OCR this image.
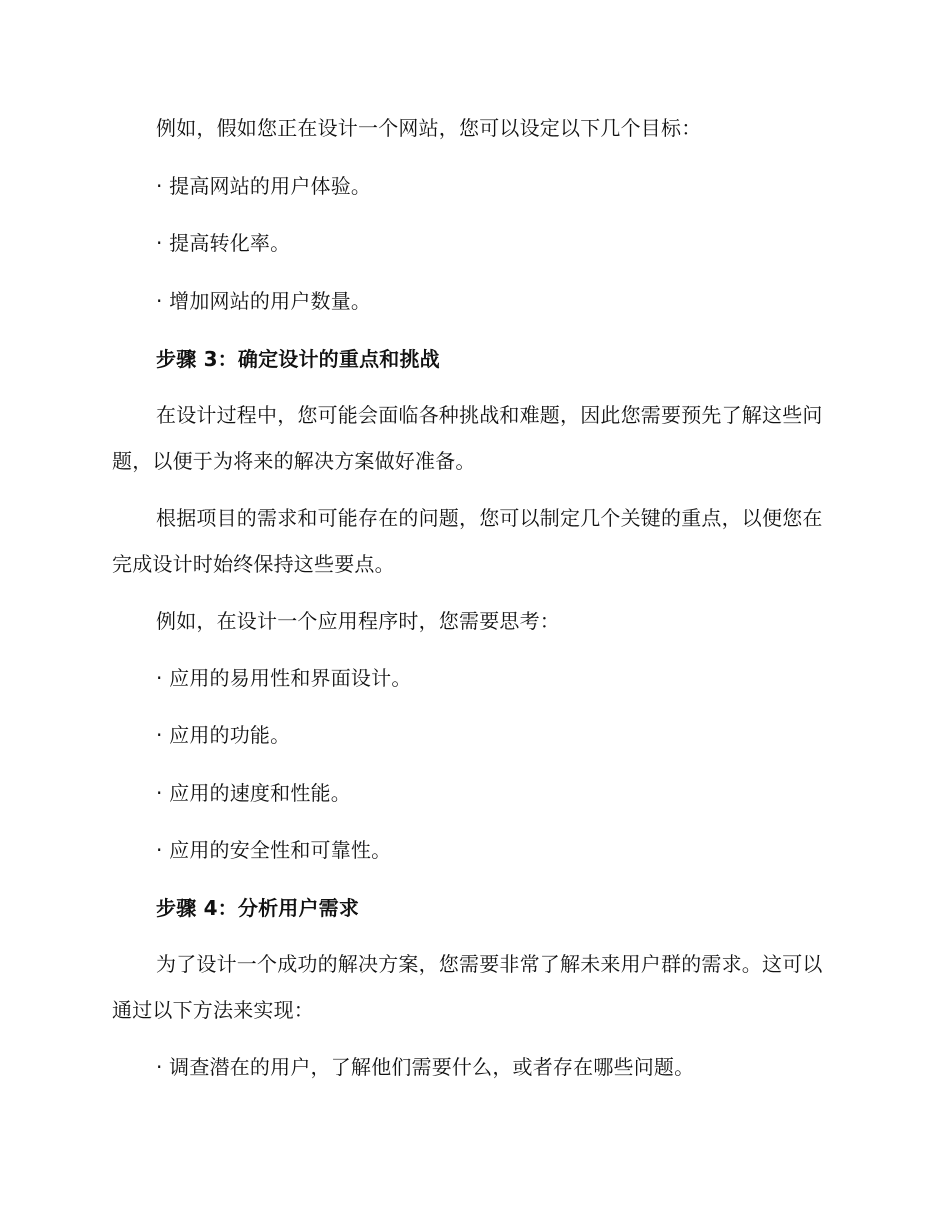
例如，假如您正在设计一个网站，您可以设定以下几个目标：
· 提高网站的用户体验。
· 提高转化率。
· 增加网站的用户数量。
步骤 3：确定设计的重点和挑战
在设计过程中，您可能会面临各种挑战和难题，因此您需要预先了解这些问题，以便于为将来的解决方案做好准备。
根据项目的需求和可能存在的问题，您可以制定几个关键的重点，以便您在完成设计时始终保持这些要点。
例如，在设计一个应用程序时，您需要思考：
· 应用的易用性和界面设计。
· 应用的功能。
· 应用的速度和性能。
· 应用的安全性和可靠性。
步骤 4：分析用户需求
为了设计一个成功的解决方案，您需要非常了解未来用户群的需求。这可以通过以下方法来实现：
· 调查潜在的用户，了解他们需要什么，或者存在哪些问题。
